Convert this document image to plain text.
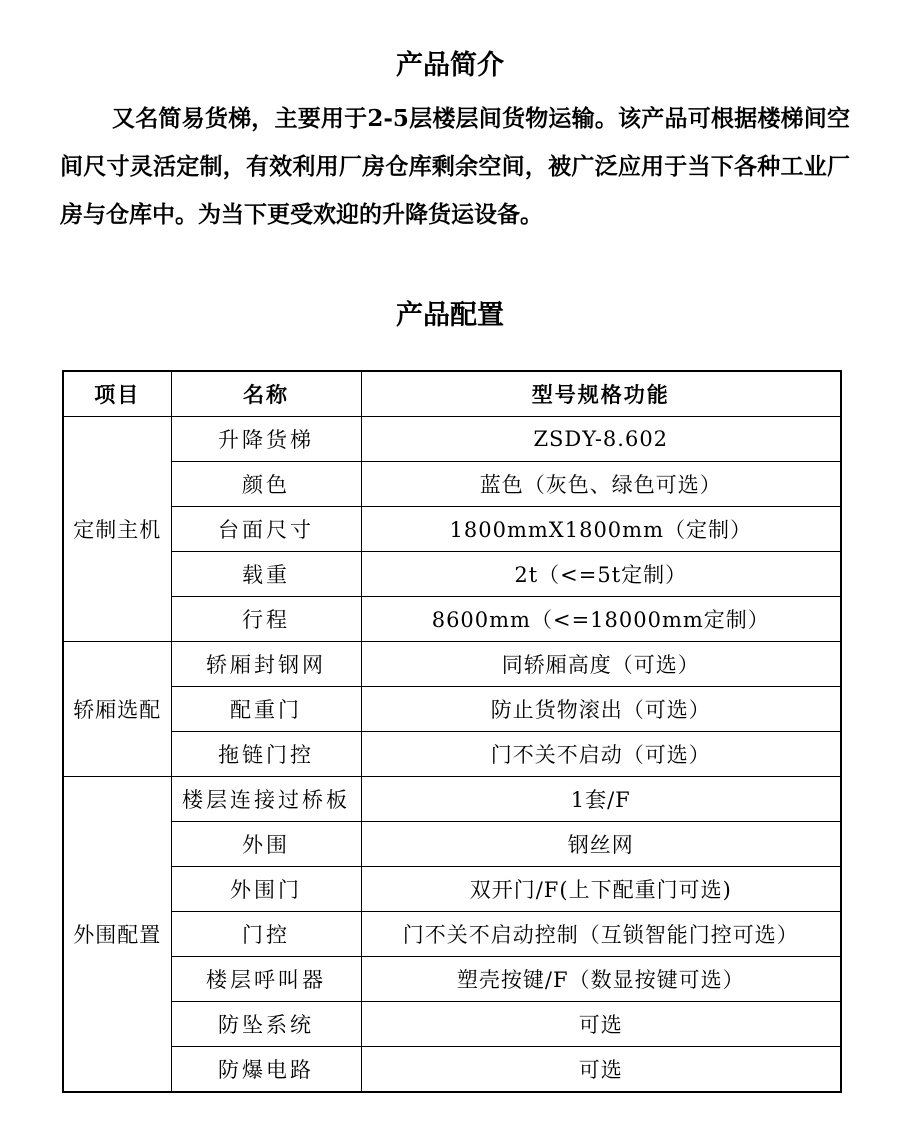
产品简介

又名简易货梯，主要用于2-5层楼层间货物运输。该产品可根据楼梯间空间尺寸灵活定制，有效利用厂房仓库剩余空间，被广泛应用于当下各种工业厂房与仓库中。为当下更受欢迎的升降货运设备。

产品配置
项目	名称	型号规格功能
定制主机	升降货梯	ZSDY-8.602
	颜色	蓝色（灰色、绿色可选）
	台面尺寸	1800mmX1800mm（定制）
	载重	2t（<=5t定制）
	行程	8600mm（<=18000mm定制）
轿厢选配	轿厢封钢网	同轿厢高度（可选）
	配重门	防止货物滚出（可选）
	拖链门控	门不关不启动（可选）
外围配置	楼层连接过桥板	1套/F
	外围	钢丝网
	外围门	双开门/F(上下配重门可选)
	门控	门不关不启动控制（互锁智能门控可选）
	楼层呼叫器	塑壳按键/F（数显按键可选）
	防坠系统	可选
	防爆电路	可选
